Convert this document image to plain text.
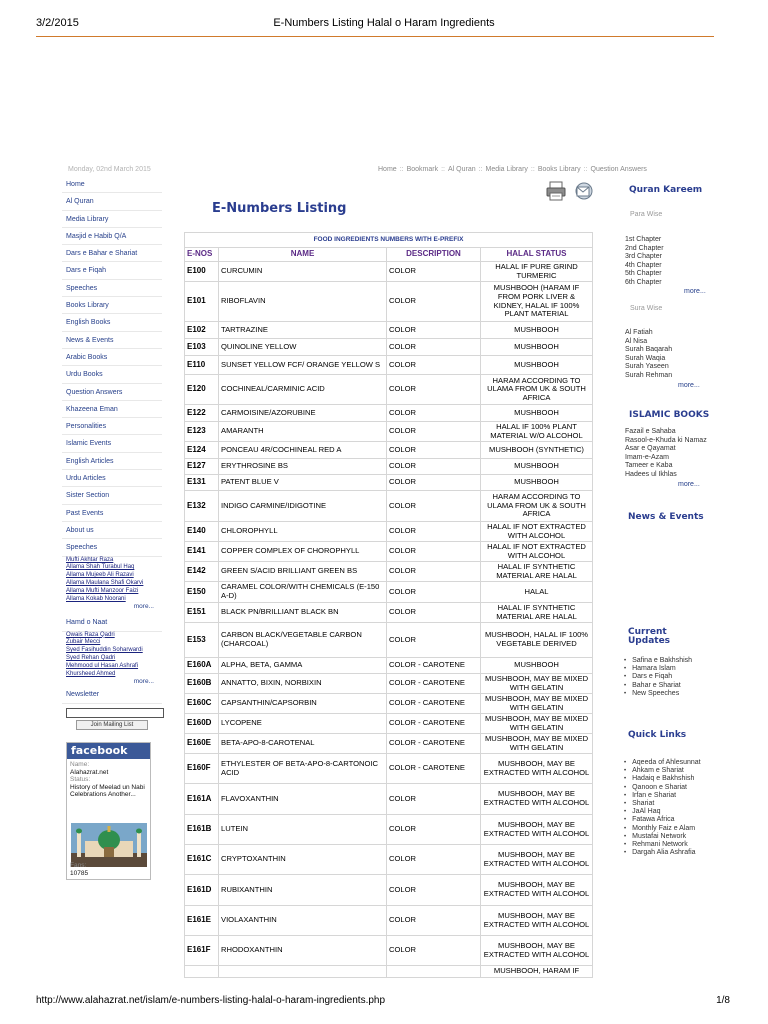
3/2/2015	E-Numbers Listing Halal o Haram Ingredients
Monday, 02nd March 2015	Home :: Bookmark :: Al Quran :: Media Library :: Books Library :: Question Answers
Home
Al Quran
Media Library
Masjid e Habib Q/A
Dars e Bahar e Shariat
Dars e Fiqah
Speeches
Books Library
English Books
News & Events
Arabic Books
Urdu Books
Question Answers
Khazeena Eman
Personalities
Islamic Events
English Articles
Urdu Articles
Sister Section
Past Events
About us
Speeches
Mufti Akhtar Raza
Allama Shah Turabul Haq
Allama Mujeeb Ali Razavi
Allama Maulana Shafi Okarvi
Allama Mufti Manzoor Faizi
Allama Kokab Noorani
more...
Hamd o Naat
Owais Raza Qadri
Zubair Mecci
Syed Fasihuddin Soharwardi
Syed Rehan Qadri
Mehmood ul Hasan Ashrafi
Khursheed Ahmed
more...
Newsletter
Join Mailing List
facebook
Name:
Alahazrat.net
Status:
History of Meelad un Nabi Celebrations Another...
Fans:
10785
E-Numbers Listing
FOOD INGREDIENTS NUMBERS WITH E-PREFIX			
E-NOS	NAME	DESCRIPTION	HALAL STATUS
E100	CURCUMIN	COLOR	HALAL IF PURE GRIND TURMERIC
E101	RIBOFLAVIN	COLOR	MUSHBOOH (HARAM IF FROM PORK LIVER & KIDNEY, HALAL IF 100% PLANT MATERIAL
E102	TARTRAZINE	COLOR	MUSHBOOH
E103	QUINOLINE YELLOW	COLOR	MUSHBOOH
E110	SUNSET YELLOW FCF/ ORANGE YELLOW S	COLOR	MUSHBOOH
E120	COCHINEAL/CARMINIC ACID	COLOR	HARAM ACCORDING TO ULAMA FROM UK & SOUTH AFRICA
E122	CARMOISINE/AZORUBINE	COLOR	MUSHBOOH
E123	AMARANTH	COLOR	HALAL IF 100% PLANT MATERIAL W/O ALCOHOL
E124	PONCEAU 4R/COCHINEAL RED A	COLOR	MUSHBOOH (SYNTHETIC)
E127	ERYTHROSINE BS	COLOR	MUSHBOOH
E131	PATENT BLUE V	COLOR	MUSHBOOH
E132	INDIGO CARMINE/IDIGOTINE	COLOR	HARAM ACCORDING TO ULAMA FROM UK & SOUTH AFRICA
E140	CHLOROPHYLL	COLOR	HALAL IF NOT EXTRACTED WITH ALCOHOL
E141	COPPER COMPLEX OF CHOROPHYLL	COLOR	HALAL IF NOT EXTRACTED WITH ALCOHOL
E142	GREEN S/ACID BRILLIANT GREEN BS	COLOR	HALAL IF SYNTHETIC MATERIAL ARE HALAL
E150	CARAMEL COLOR/WITH CHEMICALS (E-150 A-D)	COLOR	HALAL
E151	BLACK PN/BRILLIANT BLACK BN	COLOR	HALAL IF SYNTHETIC MATERIAL ARE HALAL
E153	CARBON BLACK/VEGETABLE CARBON (CHARCOAL)	COLOR	MUSHBOOH, HALAL IF 100% VEGETABLE DERIVED
E160A	ALPHA, BETA, GAMMA	COLOR - CAROTENE	MUSHBOOH
E160B	ANNATTO, BIXIN, NORBIXIN	COLOR - CAROTENE	MUSHBOOH, MAY BE MIXED WITH GELATIN
E160C	CAPSANTHIN/CAPSORBIN	COLOR - CAROTENE	MUSHBOOH, MAY BE MIXED WITH GELATIN
E160D	LYCOPENE	COLOR - CAROTENE	MUSHBOOH, MAY BE MIXED WITH GELATIN
E160E	BETA-APO-8-CAROTENAL	COLOR - CAROTENE	MUSHBOOH, MAY BE MIXED WITH GELATIN
E160F	ETHYLESTER OF BETA-APO-8-CARTONOIC ACID	COLOR - CAROTENE	MUSHBOOH, MAY BE EXTRACTED WITH ALCOHOL
E161A	FLAVOXANTHIN	COLOR	MUSHBOOH, MAY BE EXTRACTED WITH ALCOHOL
E161B	LUTEIN	COLOR	MUSHBOOH, MAY BE EXTRACTED WITH ALCOHOL
E161C	CRYPTOXANTHIN	COLOR	MUSHBOOH, MAY BE EXTRACTED WITH ALCOHOL
E161D	RUBIXANTHIN	COLOR	MUSHBOOH, MAY BE EXTRACTED WITH ALCOHOL
E161E	VIOLAXANTHIN	COLOR	MUSHBOOH, MAY BE EXTRACTED WITH ALCOHOL
E161F	RHODOXANTHIN	COLOR	MUSHBOOH, MAY BE EXTRACTED WITH ALCOHOL
			MUSHBOOH, HARAM IF
Quran Kareem
Para Wise
1st Chapter
2nd Chapter
3rd Chapter
4th Chapter
5th Chapter
6th Chapter
more...
Sura Wise
Al Fatiah
Al Nisa
Surah Baqarah
Surah Waqia
Surah Yaseen
Surah Rehman
more...
ISLAMIC BOOKS
Fazail e Sahaba
Rasool-e-Khuda ki Namaz
Asar e Qayamat
Imam-e-Azam
Tameer e Kaba
Hadees ul Ikhlas
more...
News & Events
Current Updates
• Safina e Bakhshish
• Hamara Islam
• Dars e Fiqah
• Bahar e Shariat
• New Speeches
Quick Links
• Aqeeda of Ahlesunnat
• Ahkam e Shariat
• Hadaiq e Bakhshish
• Qanoon e Shariat
• Irfan e Shariat
• Shariat
• JaAl Haq
• Fatawa Africa
• Monthly Faiz e Alam
• Mustafai Network
• Rehmani Network
• Dargah Alia Ashrafia
http://www.alahazrat.net/islam/e-numbers-listing-halal-o-haram-ingredients.php	1/8
